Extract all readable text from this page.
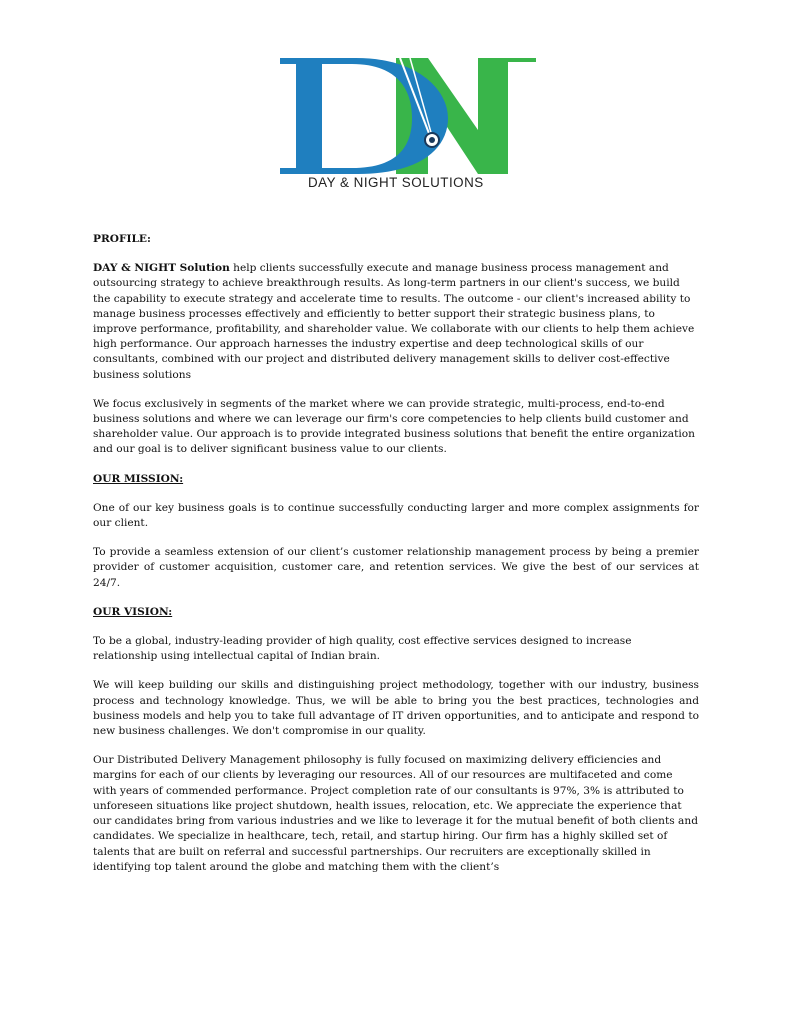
DAY & NIGHT SOLUTIONS

PROFILE:

DAY & NIGHT Solution help clients successfully execute and manage business process management and outsourcing strategy to achieve breakthrough results. As long-term partners in our client's success, we build the capability to execute strategy and accelerate time to results. The outcome - our client's increased ability to manage business processes effectively and efficiently to better support their strategic business plans, to improve performance, profitability, and shareholder value. We collaborate with our clients to help them achieve high performance. Our approach harnesses the industry expertise and deep technological skills of our consultants, combined with our project and distributed delivery management skills to deliver cost-effective business solutions

We focus exclusively in segments of the market where we can provide strategic, multi-process, end-to-end business solutions and where we can leverage our firm's core competencies to help clients build customer and shareholder value. Our approach is to provide integrated business solutions that benefit the entire organization and our goal is to deliver significant business value to our clients.

OUR MISSION:

One of our key business goals is to continue successfully conducting larger and more complex assignments for our client.

To provide a seamless extension of our client’s customer relationship management process by being a premier provider of customer acquisition, customer care, and retention services. We give the best of our services at 24/7.

OUR VISION:

To be a global, industry-leading provider of high quality, cost effective services designed to increase relationship using intellectual capital of Indian brain.

We will keep building our skills and distinguishing project methodology, together with our industry, business process and technology knowledge. Thus, we will be able to bring you the best practices, technologies and business models and help you to take full advantage of IT driven opportunities, and to anticipate and respond to new business challenges. We don't compromise in our quality.

Our Distributed Delivery Management philosophy is fully focused on maximizing delivery efficiencies and margins for each of our clients by leveraging our resources. All of our resources are multifaceted and come with years of commended performance. Project completion rate of our consultants is 97%, 3% is attributed to unforeseen situations like project shutdown, health issues, relocation, etc. We appreciate the experience that our candidates bring from various industries and we like to leverage it for the mutual benefit of both clients and candidates. We specialize in healthcare, tech, retail, and startup hiring. Our firm has a highly skilled set of talents that are built on referral and successful partnerships. Our recruiters are exceptionally skilled in identifying top talent around the globe and matching them with the client’s
